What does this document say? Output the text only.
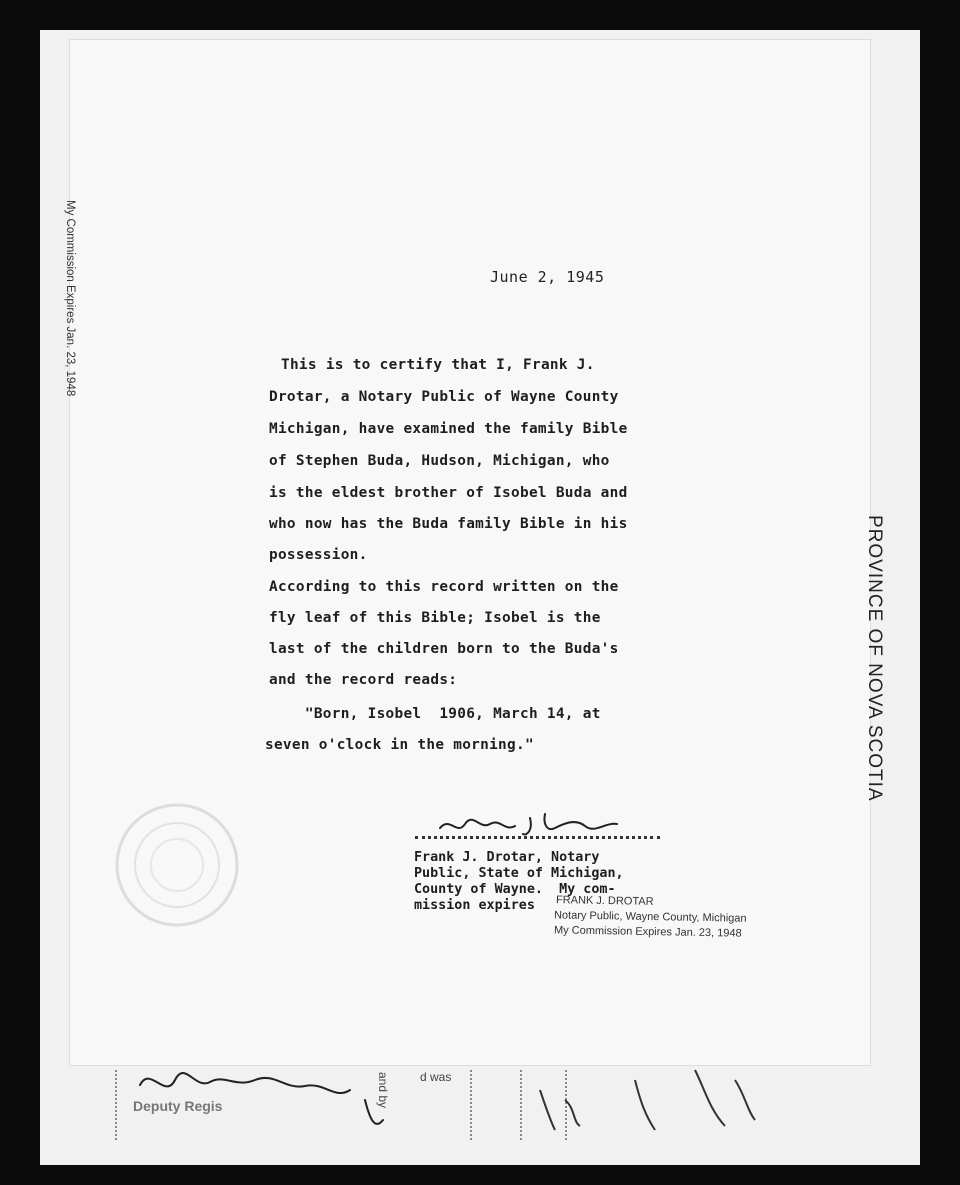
My Commission Expires Jan. 23, 1948
PROVINCE OF NOVA SCOTIA
June 2, 1945
This is to certify that I, Frank J.
Drotar, a Notary Public of Wayne County
Michigan, have examined the family Bible
of Stephen Buda, Hudson, Michigan, who
is the eldest brother of Isobel Buda and
who now has the Buda family Bible in his
possession.
According to this record written on the
fly leaf of this Bible; Isobel is the
last of the children born to the Buda's
and the record reads:
"Born, Isobel  1906, March 14, at
seven o'clock in the morning."
Frank J. Drotar, Notary
Public, State of Michigan,
County of Wayne.  My com-
mission expires FRANK J. DROTAR
Notary Public, Wayne County, Michigan
My Commission Expires Jan. 23, 1948
Deputy Regis	and by	d was
